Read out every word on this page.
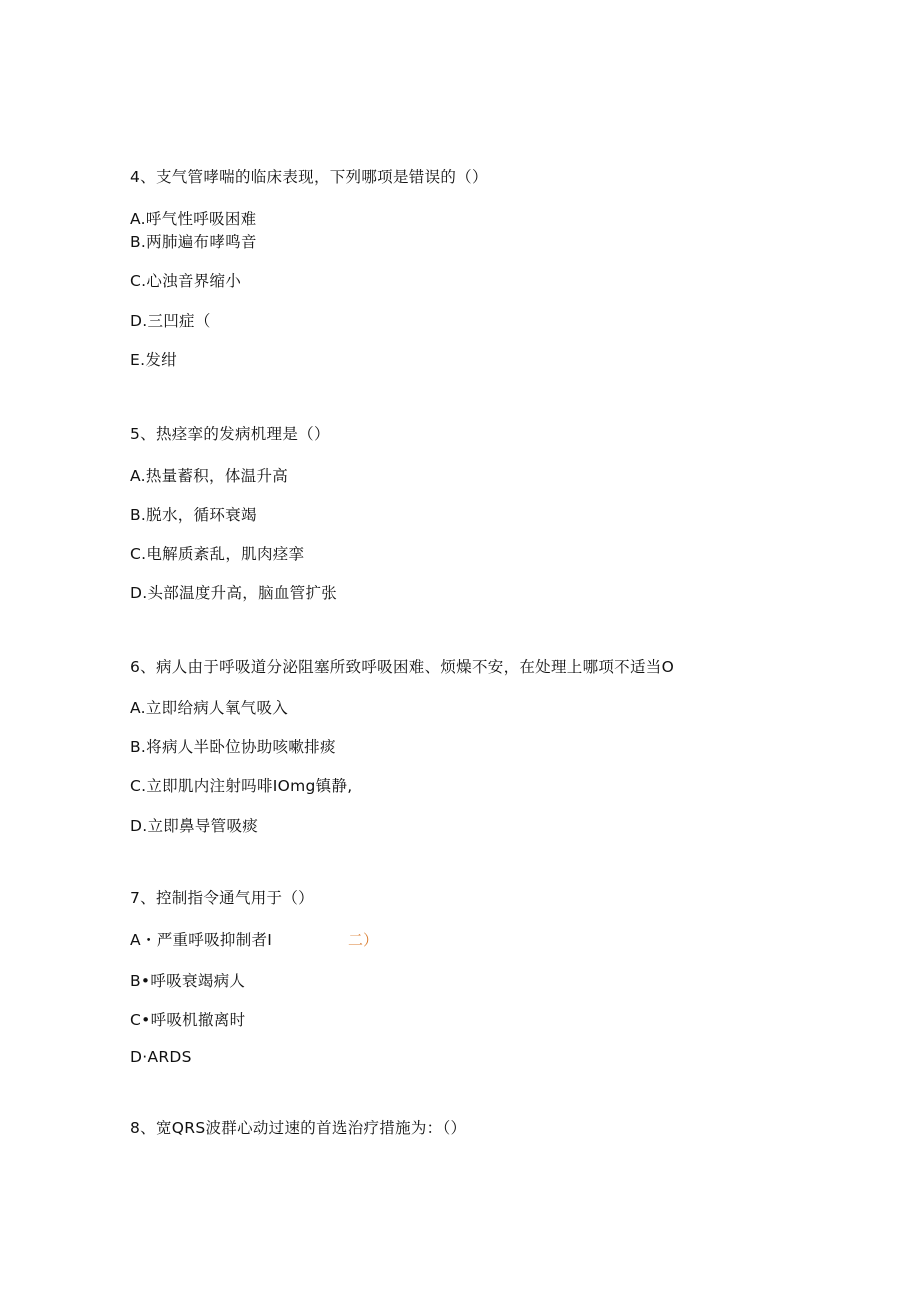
4、支气管哮喘的临床表现，下列哪项是错误的（）
A.呼气性呼吸困难
B.两肺遍布哮鸣音
C.心浊音界缩小
D.三凹症（
E.发绀
5、热痉挛的发病机理是（）
A.热量蓄积，体温升高
B.脱水，循环衰竭
C.电解质紊乱，肌肉痉挛
D.头部温度升高，脑血管扩张
6、病人由于呼吸道分泌阻塞所致呼吸困难、烦燥不安，在处理上哪项不适当O
A.立即给病人氧气吸入
B.将病人半卧位协助咳嗽排痰
C.立即肌内注射吗啡IOmg镇静,
D.立即鼻导管吸痰
7、控制指令通气用于（）
A・严重呼吸抑制者I	二）
B•呼吸衰竭病人
C•呼吸机撤离时
D·ARDS
8、宽QRS波群心动过速的首选治疗措施为：（）
